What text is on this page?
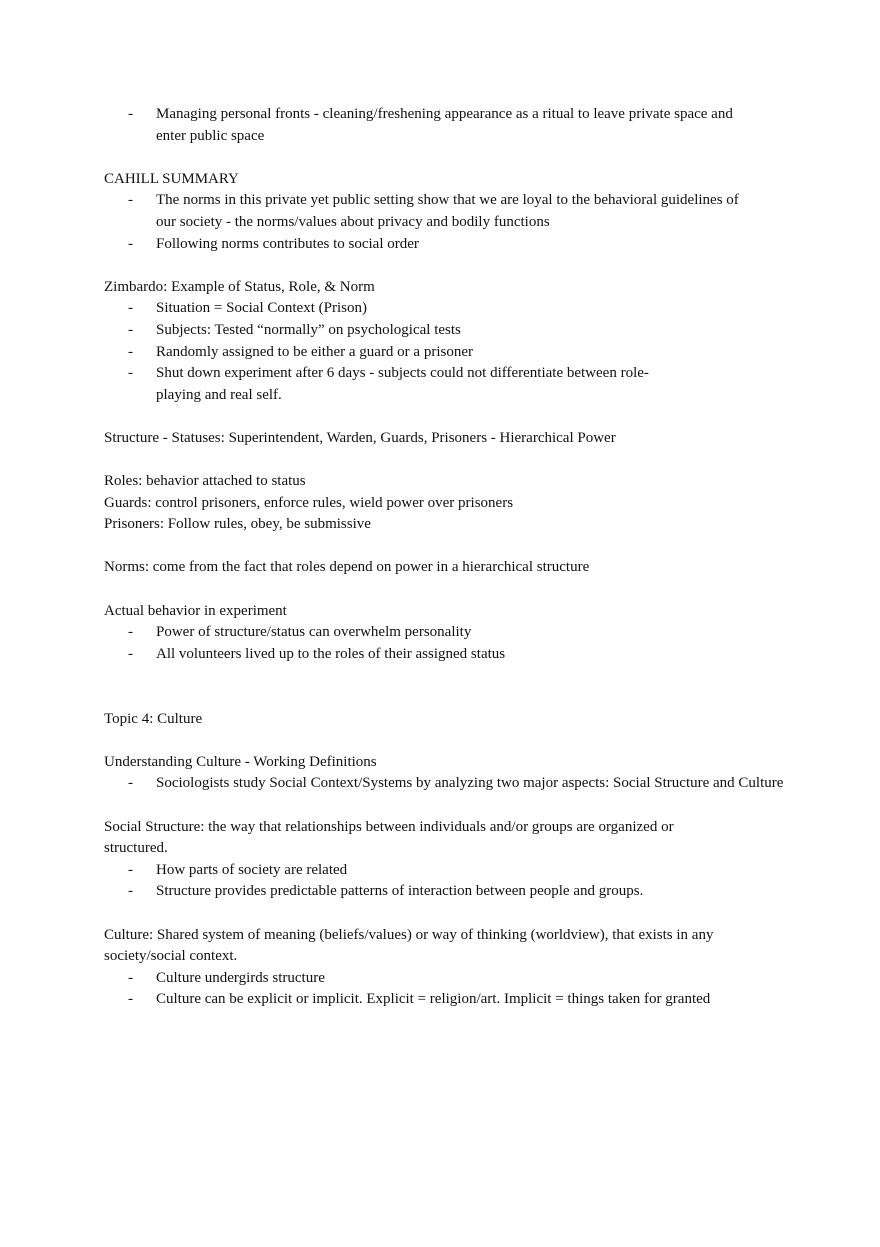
- Managing personal fronts - cleaning/freshening appearance as a ritual to leave private space and enter public space

CAHILL SUMMARY

- The norms in this private yet public setting show that we are loyal to the behavioral guidelines of our society - the norms/values about privacy and bodily functions
- Following norms contributes to social order

Zimbardo: Example of Status, Role, & Norm

- Situation = Social Context (Prison)
- Subjects: Tested “normally” on psychological tests
- Randomly assigned to be either a guard or a prisoner
- Shut down experiment after 6 days - subjects could not differentiate between role-playing and real self.

Structure - Statuses: Superintendent, Warden, Guards, Prisoners - Hierarchical Power

Roles: behavior attached to status

Guards: control prisoners, enforce rules, wield power over prisoners

Prisoners: Follow rules, obey, be submissive

Norms: come from the fact that roles depend on power in a hierarchical structure

Actual behavior in experiment

- Power of structure/status can overwhelm personality
- All volunteers lived up to the roles of their assigned status

Topic 4: Culture

Understanding Culture - Working Definitions

- Sociologists study Social Context/Systems by analyzing two major aspects: Social Structure and Culture

Social Structure: the way that relationships between individuals and/or groups are organized or structured.

- How parts of society are related
- Structure provides predictable patterns of interaction between people and groups.

Culture: Shared system of meaning (beliefs/values) or way of thinking (worldview), that exists in any society/social context.

- Culture undergirds structure
- Culture can be explicit or implicit. Explicit = religion/art. Implicit = things taken for granted
